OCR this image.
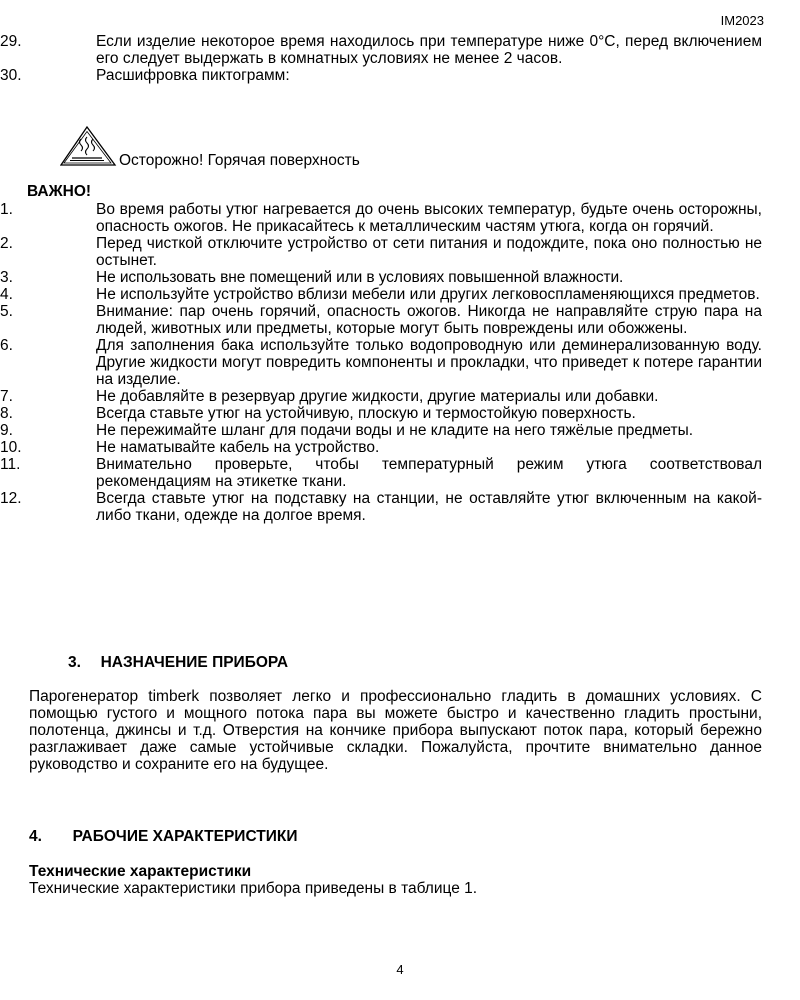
IM2023
29.	Если изделие некоторое время находилось при температуре ниже 0°С, перед включением его следует выдержать в комнатных условиях не менее 2 часов.
30.	Расшифровка пиктограмм:
Осторожно! Горячая поверхность
ВАЖНО!
1.	Во время работы утюг нагревается до очень высоких температур, будьте очень осторожны, опасность ожогов. Не прикасайтесь к металлическим частям утюга, когда он горячий.
2.	Перед чисткой отключите устройство от сети питания и подождите, пока оно полностью не остынет.
3.	Не использовать вне помещений или в условиях повышенной влажности.
4.	Не используйте устройство вблизи мебели или других легковоспламеняющихся предметов.
5.	Внимание: пар очень горячий, опасность ожогов. Никогда не направляйте струю пара на людей, животных или предметы, которые могут быть повреждены или обожжены.
6.	Для заполнения бака используйте только водопроводную или деминерализованную воду. Другие жидкости могут повредить компоненты и прокладки, что приведет к потере гарантии на изделие.
7.	Не добавляйте в резервуар другие жидкости, другие материалы или добавки.
8.	Всегда ставьте утюг на устойчивую, плоскую и термостойкую поверхность.
9.	Не пережимайте шланг для подачи воды и не кладите на него тяжёлые предметы.
10.	Не наматывайте кабель на устройство.
11.	Внимательно проверьте, чтобы температурный режим утюга соответствовал рекомендациям на этикетке ткани.
12.	Всегда ставьте утюг на подставку на станции, не оставляйте утюг включенным на какой-либо ткани, одежде на долгое время.
3. НАЗНАЧЕНИЕ ПРИБОРА
Парогенератор timberk позволяет легко и профессионально гладить в домашних условиях. С помощью густого и мощного потока пара вы можете быстро и качественно гладить простыни, полотенца, джинсы и т.д. Отверстия на кончике прибора выпускают поток пара, который бережно разглаживает даже самые устойчивые складки. Пожалуйста, прочтите внимательно данное руководство и сохраните его на будущее.
4. РАБОЧИЕ ХАРАКТЕРИСТИКИ
Технические характеристики
Технические характеристики прибора приведены в таблице 1.
4
